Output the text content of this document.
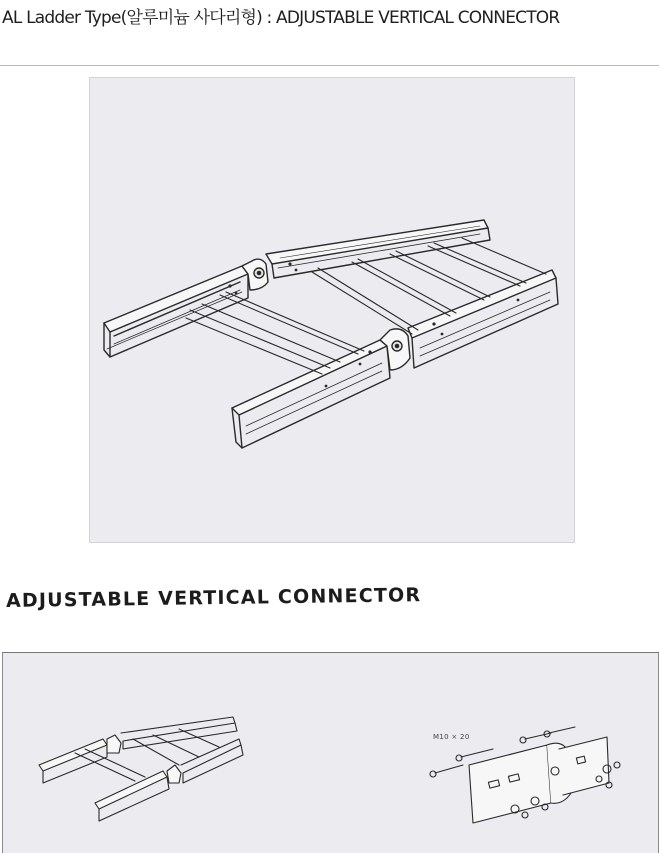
AL Ladder Type(알루미늄 사다리형) : ADJUSTABLE VERTICAL CONNECTOR
ADJUSTABLE VERTICAL CONNECTOR
M10 × 20
